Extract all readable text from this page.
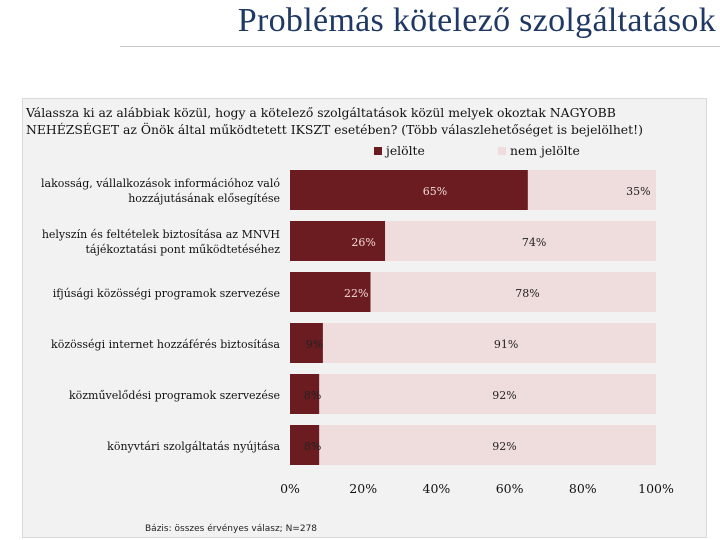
Problémás kötelező szolgáltatások
Válassza ki az alábbiak közül, hogy a kötelező szolgáltatások közül melyek okoztak NAGYOBB NEHÉZSÉGET az Önök által működtetett IKSZT esetében? (Több válaszlehetőséget is bejelölhet!)
jelölte	nem jelölte
65%	35%
lakosság, vállalkozások információhoz való hozzájutásának elősegítése
26%	74%
helyszín és feltételek biztosítása az MNVH tájékoztatási pont működtetéséhez
22%	78%
ifjúsági közösségi programok szervezése
9%	91%
közösségi internet hozzáférés biztosítása
8%	92%
közművelődési programok szervezése
8%	92%
könyvtári szolgáltatás nyújtása
0%	20%	40%	60%	80%	100%
Bázis: összes érvényes válasz; N=278
